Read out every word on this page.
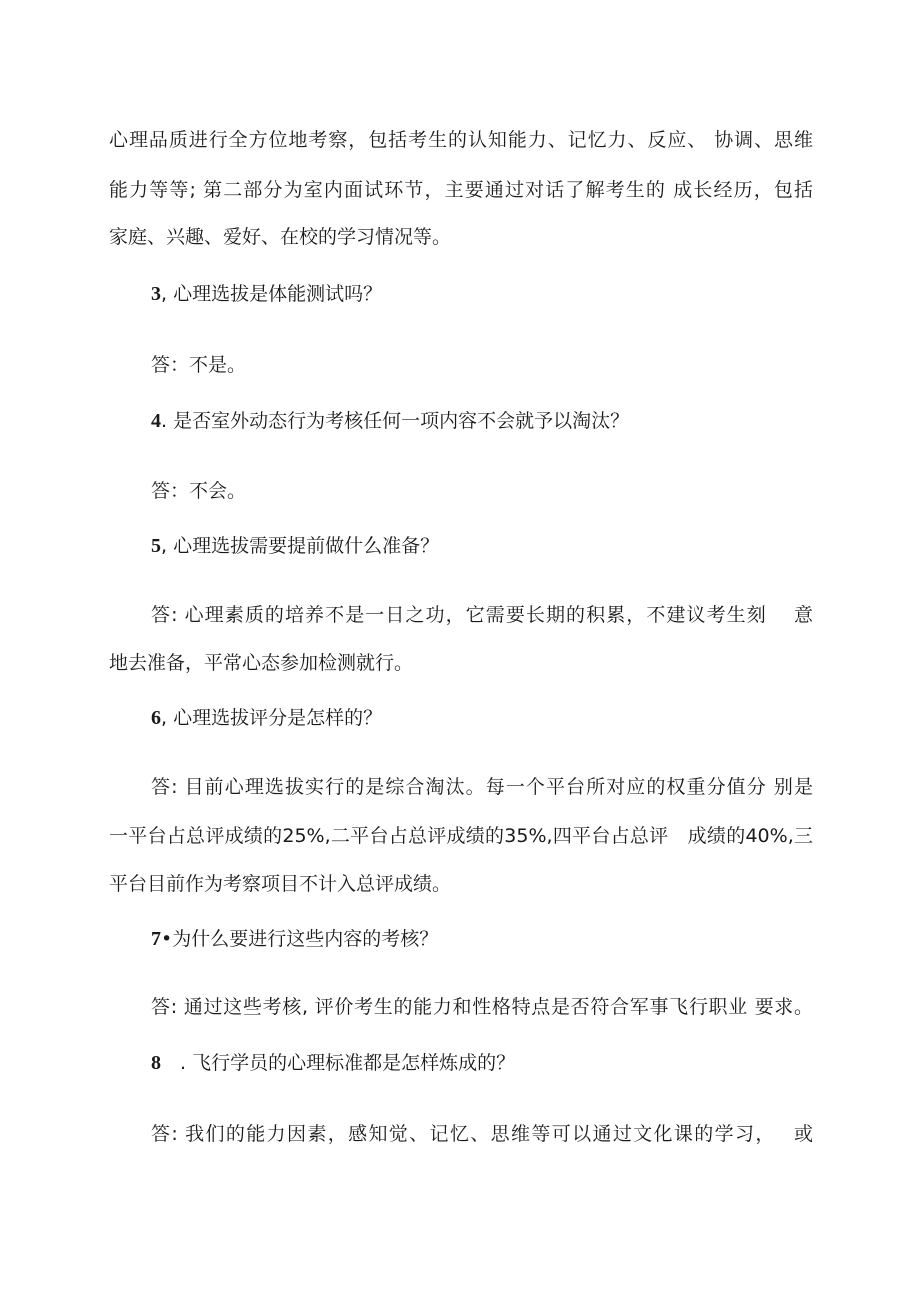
心理品质进行全方位地考察，包括考生的认知能力、记忆力、反应、 协调、思维
能力等等; 第二部分为室内面试环节，主要通过对话了解考生的 成长经历，包括
家庭、兴趣、爱好、在校的学习情况等。
3, 心理选拔是体能测试吗？
答：不是。
4. 是否室外动态行为考核任何一项内容不会就予以淘汰？
答：不会。
5, 心理选拔需要提前做什么准备？
答: 心理素质的培养不是一日之功，它需要长期的积累，不建议考生刻　 意
地去准备，平常心态参加检测就行。
6, 心理选拔评分是怎样的？
答: 目前心理选拔实行的是综合淘汰。每一个平台所对应的权重分值分 别是
一平台占总评成绩的25%,二平台占总评成绩的35%,四平台占总评　成绩的40%,三
平台目前作为考察项目不计入总评成绩。
7•为什么要进行这些内容的考核？
答: 通过这些考核, 评价考生的能力和性格特点是否符合军事飞行职业 要求。
8　. 飞行学员的心理标准都是怎样炼成的？
答: 我们的能力因素，感知觉、记忆、思维等可以通过文化课的学习，　 或
